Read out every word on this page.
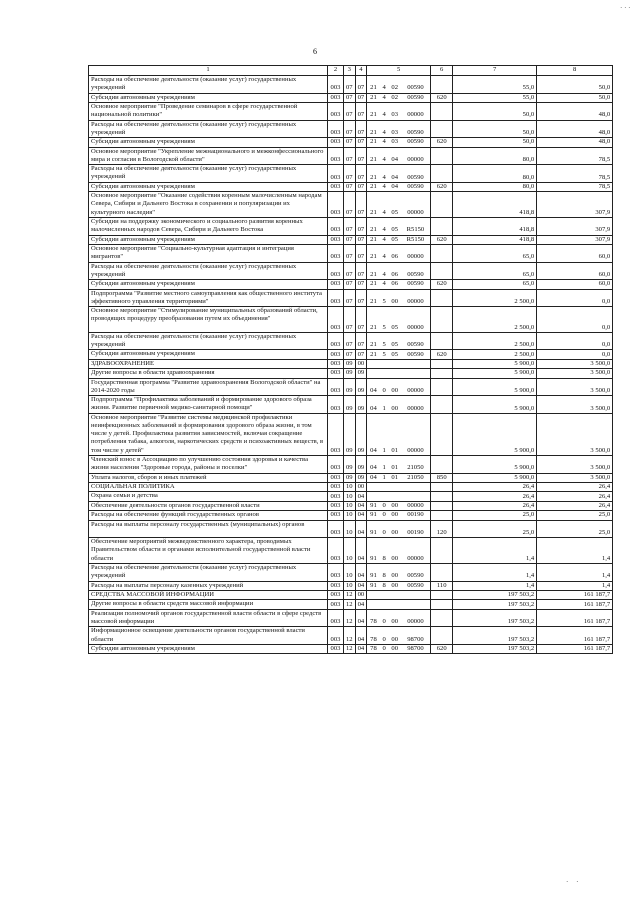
· · ·
6
1	2	3	4	5				6	7	8
Расходы на обеспечение деятельности (оказание услуг) государственных учреждений	003	07	07	21	4	02	00590		55,0	50,0
Субсидии автономным учреждениям	003	07	07	21	4	02	00590	620	55,0	50,0
Основное мероприятие "Проведение семинаров в сфере государственной национальной политики"	003	07	07	21	4	03	00000		50,0	48,0
Расходы на обеспечение деятельности (оказание услуг) государственных учреждений	003	07	07	21	4	03	00590		50,0	48,0
Субсидии автономным учреждениям	003	07	07	21	4	03	00590	620	50,0	48,0
Основное мероприятие "Укрепление межнационального и межконфессионального мира и согласия в Вологодской области"	003	07	07	21	4	04	00000		80,0	78,5
Расходы на обеспечение деятельности (оказание услуг) государственных учреждений	003	07	07	21	4	04	00590		80,0	78,5
Субсидии автономным учреждениям	003	07	07	21	4	04	00590	620	80,0	78,5
Основное мероприятие "Оказание содействия коренным малочисленным народам Севера, Сибири и Дальнего Востока в сохранении и популяризации их культурного наследия"	003	07	07	21	4	05	00000		418,8	307,9
Субсидии на поддержку экономического и социального развития коренных малочисленных народов Севера, Сибири и Дальнего Востока	003	07	07	21	4	05	R5150		418,8	307,9
Субсидии автономным учреждениям	003	07	07	21	4	05	R5150	620	418,8	307,9
Основное мероприятие "Социально-культурная адаптация и интеграция мигрантов"	003	07	07	21	4	06	00000		65,0	60,0
Расходы на обеспечение деятельности (оказание услуг) государственных учреждений	003	07	07	21	4	06	00590		65,0	60,0
Субсидии автономным учреждениям	003	07	07	21	4	06	00590	620	65,0	60,0
Подпрограмма "Развитие местного самоуправления как общественного института эффективного управления территориями"	003	07	07	21	5	00	00000		2 500,0	0,0
Основное мероприятие "Стимулирование муниципальных образований области, проводящих процедуру преобразования путем их объединения"	003	07	07	21	5	05	00000		2 500,0	0,0
Расходы на обеспечение деятельности (оказание услуг) государственных учреждений	003	07	07	21	5	05	00590		2 500,0	0,0
Субсидии автономным учреждениям	003	07	07	21	5	05	00590	620	2 500,0	0,0
ЗДРАВООХРАНЕНИЕ	003	09	00						5 900,0	3 500,0
Другие вопросы в области здравоохранения	003	09	09						5 900,0	3 500,0
Государственная программа "Развитие здравоохранения Вологодской области" на 2014-2020 годы	003	09	09	04	0	00	00000		5 900,0	3 500,0
Подпрограмма "Профилактика заболеваний и формирование здорового образа жизни. Развитие первичной медико-санитарной помощи"	003	09	09	04	1	00	00000		5 900,0	3 500,0
Основное мероприятие "Развитие системы медицинской профилактики неинфекционных заболеваний и формирования здорового образа жизни, в том числе у детей. Профилактика развития зависимостей, включая сокращение потребления табака, алкоголя, наркотических средств и психоактивных веществ, в том числе у детей"	003	09	09	04	1	01	00000		5 900,0	3 500,0
Членский взнос в Ассоциацию по улучшению состояния здоровья и качества жизни населения "Здоровые города, районы и поселки"	003	09	09	04	1	01	21050		5 900,0	3 500,0
Уплата налогов, сборов и иных платежей	003	09	09	04	1	01	21050	850	5 900,0	3 500,0
СОЦИАЛЬНАЯ ПОЛИТИКА	003	10	00						26,4	26,4
Охрана семьи и детства	003	10	04						26,4	26,4
Обеспечение деятельности органов государственной власти	003	10	04	91	0	00	00000		26,4	26,4
Расходы на обеспечение функций государственных органов	003	10	04	91	0	00	00190		25,0	25,0
Расходы на выплаты персоналу государственных (муниципальных) органов	003	10	04	91	0	00	00190	120	25,0	25,0
Обеспечение мероприятий межведомственного характера, проводимых Правительством области и органами исполнительной государственной власти области	003	10	04	91	8	00	00000		1,4	1,4
Расходы на обеспечение деятельности (оказание услуг) государственных учреждений	003	10	04	91	8	00	00590		1,4	1,4
Расходы на выплаты персоналу казенных учреждений	003	10	04	91	8	00	00590	110	1,4	1,4
СРЕДСТВА МАССОВОЙ ИНФОРМАЦИИ	003	12	00						197 503,2	161 187,7
Другие вопросы в области средств массовой информации	003	12	04						197 503,2	161 187,7
Реализация полномочий органов государственной власти области в сфере средств массовой информации	003	12	04	78	0	00	00000		197 503,2	161 187,7
Информационное освещение деятельности органов государственной власти области	003	12	04	78	0	00	98700		197 503,2	161 187,7
Субсидии автономным учреждениям	003	12	04	78	0	00	98700	620	197 503,2	161 187,7
· ·
